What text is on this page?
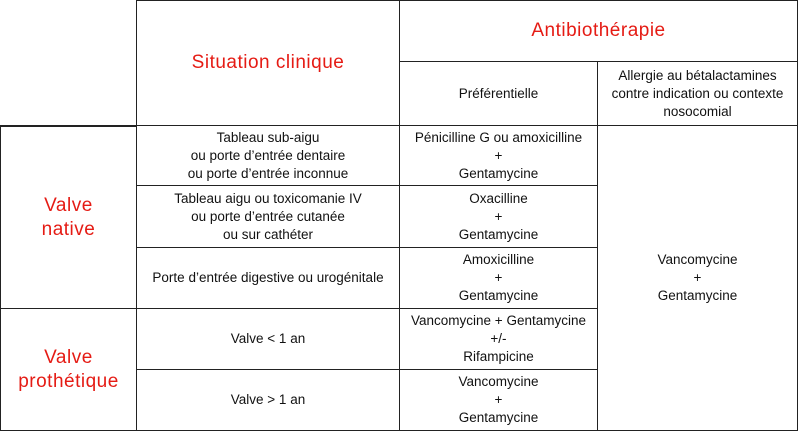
Situation clinique
Antibiothérapie
Préférentielle
Allergie au bétalactamines
contre indication ou contexte
nosocomial
Valve
native
Tableau sub-aigu
ou porte d’entrée dentaire
ou porte d’entrée inconnue
Pénicilline G ou amoxicilline
+
Gentamycine
Vancomycine
+
Gentamycine
Tableau aigu ou toxicomanie IV
ou porte d’entrée cutanée
ou sur cathéter
Oxacilline
+
Gentamycine
Porte d’entrée digestive ou urogénitale
Amoxicilline
+
Gentamycine
Valve
prothétique
Valve < 1 an
Vancomycine + Gentamycine
+/-
Rifampicine
Valve > 1 an
Vancomycine
+
Gentamycine
